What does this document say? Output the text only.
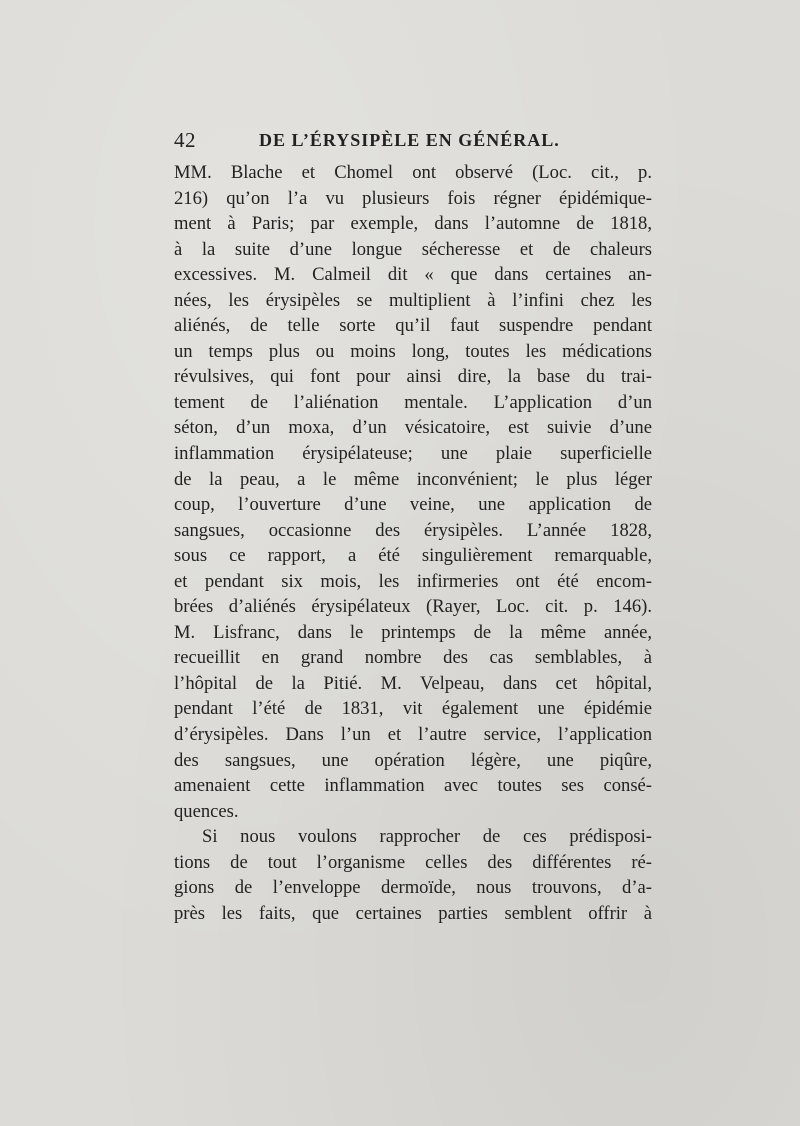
42	DE L’ÉRYSIPÈLE EN GÉNÉRAL.
MM. Blache et Chomel ont observé (Loc. cit., p.
216) qu’on l’a vu plusieurs fois régner épidémique-
ment à Paris; par exemple, dans l’automne de 1818,
à la suite d’une longue sécheresse et de chaleurs
excessives. M. Calmeil dit « que dans certaines an-
nées, les érysipèles se multiplient à l’infini chez les
aliénés, de telle sorte qu’il faut suspendre pendant
un temps plus ou moins long, toutes les médications
révulsives, qui font pour ainsi dire, la base du trai-
tement de l’aliénation mentale. L’application d’un
séton, d’un moxa, d’un vésicatoire, est suivie d’une
inflammation érysipélateuse; une plaie superficielle
de la peau, a le même inconvénient; le plus léger
coup, l’ouverture d’une veine, une application de
sangsues, occasionne des érysipèles. L’année 1828,
sous ce rapport, a été singulièrement remarquable,
et pendant six mois, les infirmeries ont été encom-
brées d’aliénés érysipélateux (Rayer, Loc. cit. p. 146).
M. Lisfranc, dans le printemps de la même année,
recueillit en grand nombre des cas semblables, à
l’hôpital de la Pitié. M. Velpeau, dans cet hôpital,
pendant l’été de 1831, vit également une épidémie
d’érysipèles. Dans l’un et l’autre service, l’application
des sangsues, une opération légère, une piqûre,
amenaient cette inflammation avec toutes ses consé-
quences.
Si nous voulons rapprocher de ces prédisposi-
tions de tout l’organisme celles des différentes ré-
gions de l’enveloppe dermoïde, nous trouvons, d’a-
près les faits, que certaines parties semblent offrir à
